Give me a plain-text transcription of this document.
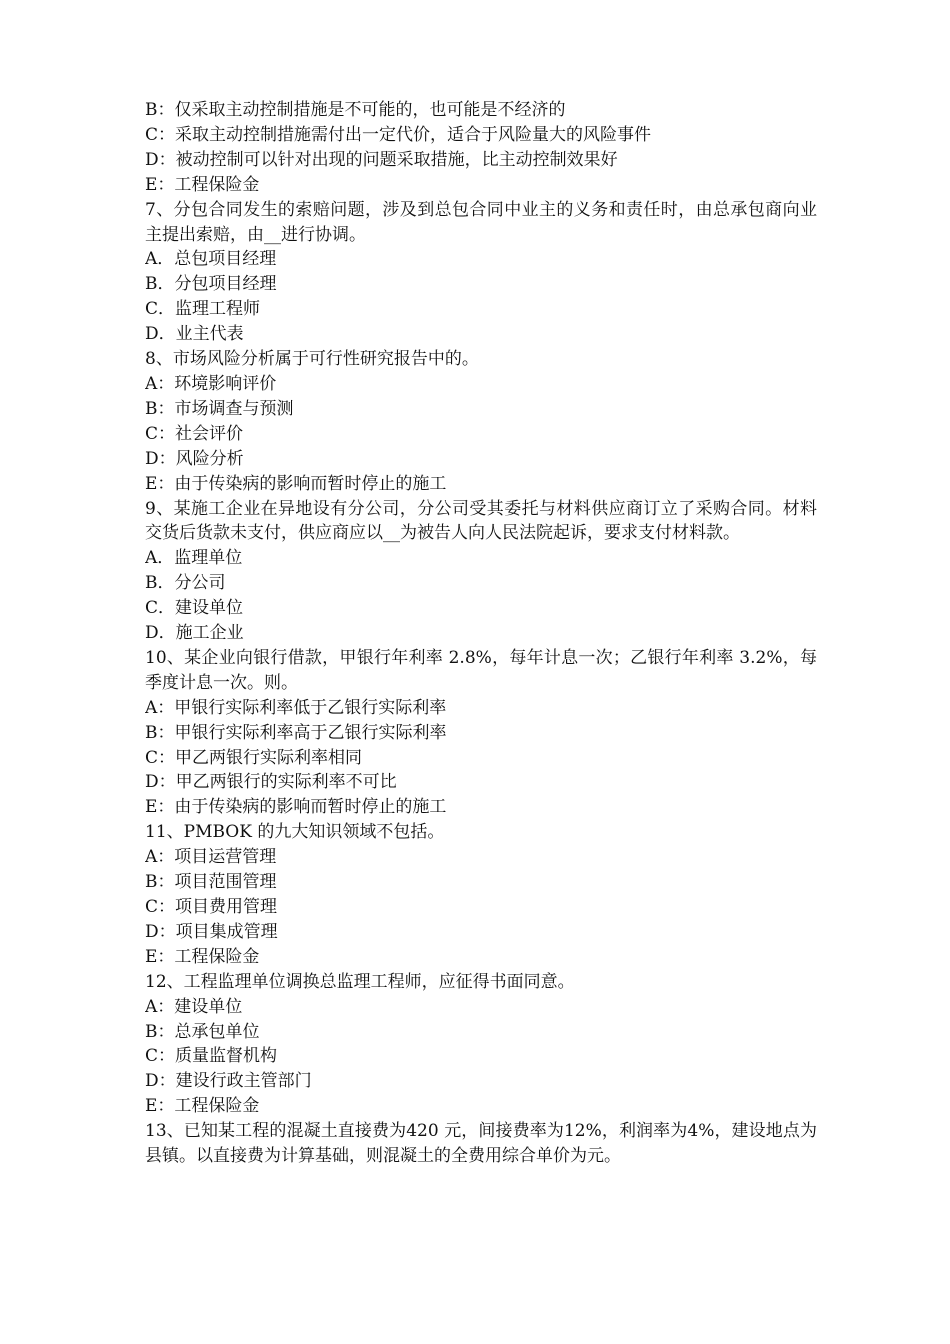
B：仅采取主动控制措施是不可能的，也可能是不经济的
C：采取主动控制措施需付出一定代价，适合于风险量大的风险事件
D：被动控制可以针对出现的问题采取措施，比主动控制效果好
E：工程保险金
7、分包合同发生的索赔问题，涉及到总包合同中业主的义务和责任时，由总承包商向业主提出索赔，由__进行协调。
A．总包项目经理
B．分包项目经理
C．监理工程师
D．业主代表
8、市场风险分析属于可行性研究报告中的。
A：环境影响评价
B：市场调查与预测
C：社会评价
D：风险分析
E：由于传染病的影响而暂时停止的施工
9、某施工企业在异地设有分公司，分公司受其委托与材料供应商订立了采购合同。材料交货后货款未支付，供应商应以__为被告人向人民法院起诉，要求支付材料款。
A．监理单位
B．分公司
C．建设单位
D．施工企业
10、某企业向银行借款，甲银行年利率 2.8%，每年计息一次；乙银行年利率 3.2%，每季度计息一次。则。
A：甲银行实际利率低于乙银行实际利率
B：甲银行实际利率高于乙银行实际利率
C：甲乙两银行实际利率相同
D：甲乙两银行的实际利率不可比
E：由于传染病的影响而暂时停止的施工
11、PMBOK 的九大知识领域不包括。
A：项目运营管理
B：项目范围管理
C：项目费用管理
D：项目集成管理
E：工程保险金
12、工程监理单位调换总监理工程师，应征得书面同意。
A：建设单位
B：总承包单位
C：质量监督机构
D：建设行政主管部门
E：工程保险金
13、已知某工程的混凝土直接费为420 元，间接费率为12%，利润率为4%，建设地点为县镇。以直接费为计算基础，则混凝土的全费用综合单价为元。
